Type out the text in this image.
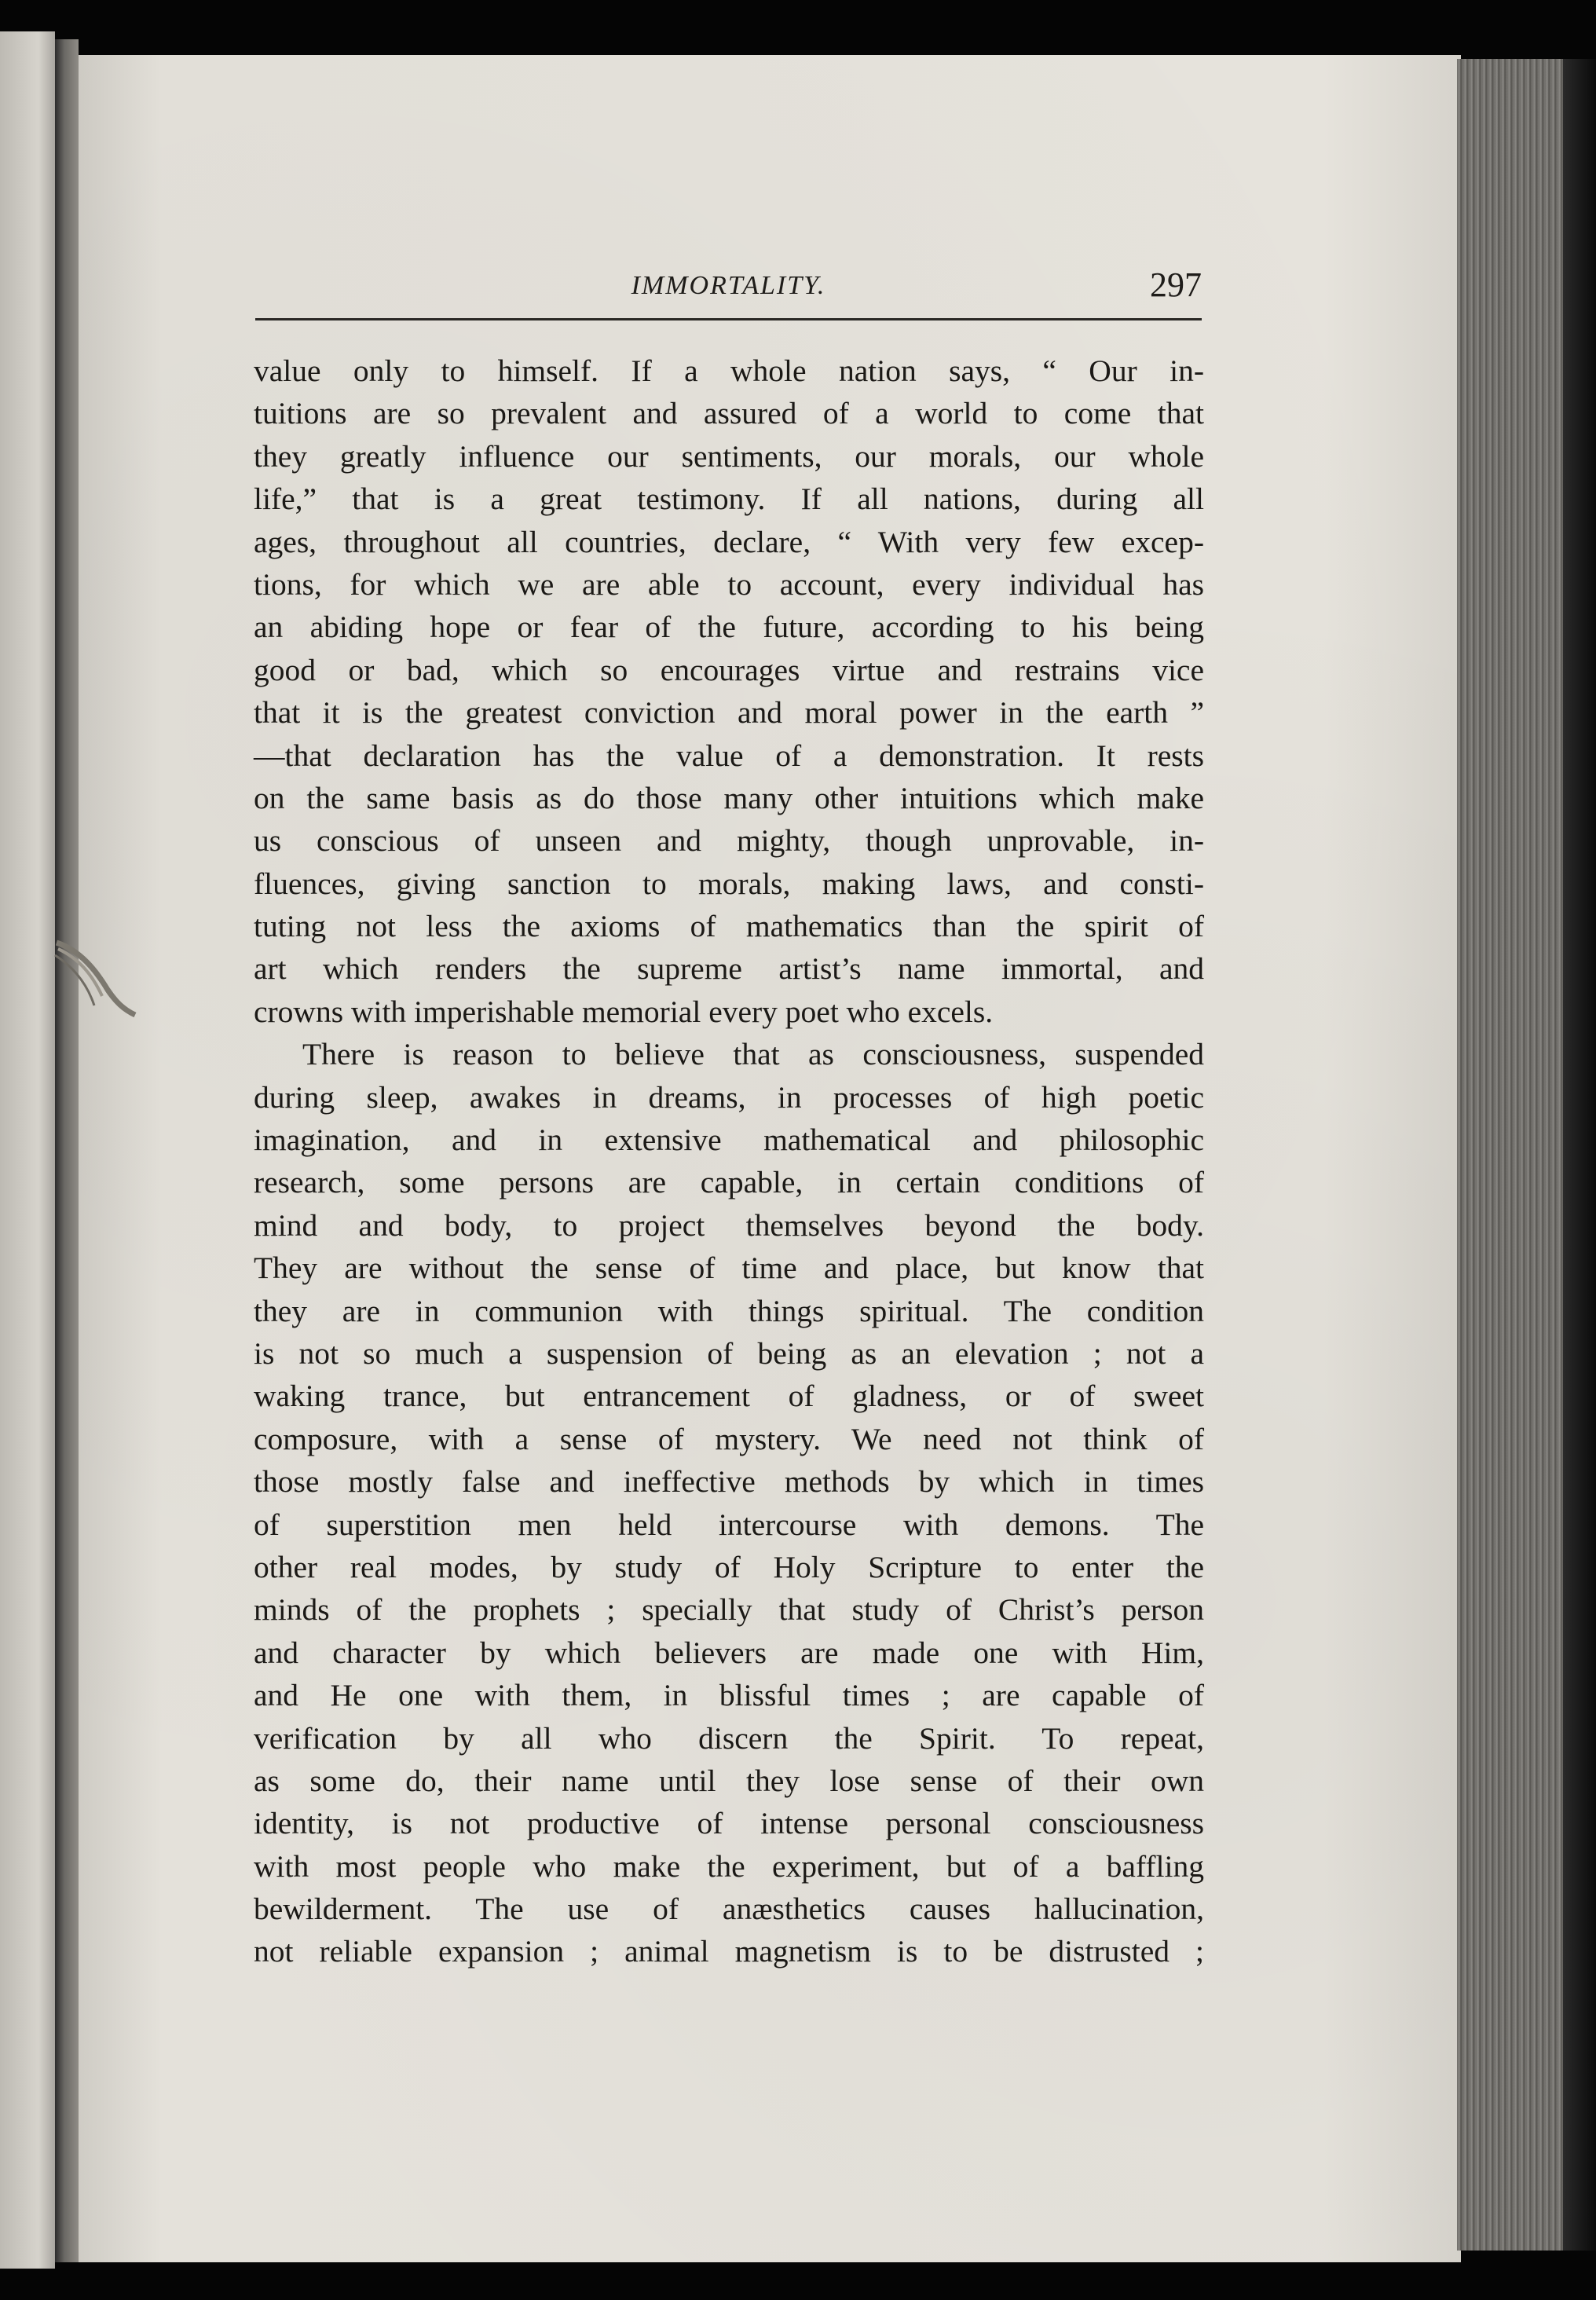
IMMORTALITY.	297
value only to himself. If a whole nation says, “ Our in-
tuitions are so prevalent and assured of a world to come that
they greatly influence our sentiments, our morals, our whole
life,” that is a great testimony. If all nations, during all
ages, throughout all countries, declare, “ With very few excep-
tions, for which we are able to account, every individual has
an abiding hope or fear of the future, according to his being
good or bad, which so encourages virtue and restrains vice
that it is the greatest conviction and moral power in the earth ”
—that declaration has the value of a demonstration. It rests
on the same basis as do those many other intuitions which make
us conscious of unseen and mighty, though unprovable, in-
fluences, giving sanction to morals, making laws, and consti-
tuting not less the axioms of mathematics than the spirit of
art which renders the supreme artist’s name immortal, and
crowns with imperishable memorial every poet who excels.
There is reason to believe that as consciousness, suspended
during sleep, awakes in dreams, in processes of high poetic
imagination, and in extensive mathematical and philosophic
research, some persons are capable, in certain conditions of
mind and body, to project themselves beyond the body.
They are without the sense of time and place, but know that
they are in communion with things spiritual. The condition
is not so much a suspension of being as an elevation ; not a
waking trance, but entrancement of gladness, or of sweet
composure, with a sense of mystery. We need not think of
those mostly false and ineffective methods by which in times
of superstition men held intercourse with demons. The
other real modes, by study of Holy Scripture to enter the
minds of the prophets ; specially that study of Christ’s person
and character by which believers are made one with Him,
and He one with them, in blissful times ; are capable of
verification by all who discern the Spirit. To repeat,
as some do, their name until they lose sense of their own
identity, is not productive of intense personal consciousness
with most people who make the experiment, but of a baffling
bewilderment. The use of anæsthetics causes hallucination,
not reliable expansion ; animal magnetism is to be distrusted ;
